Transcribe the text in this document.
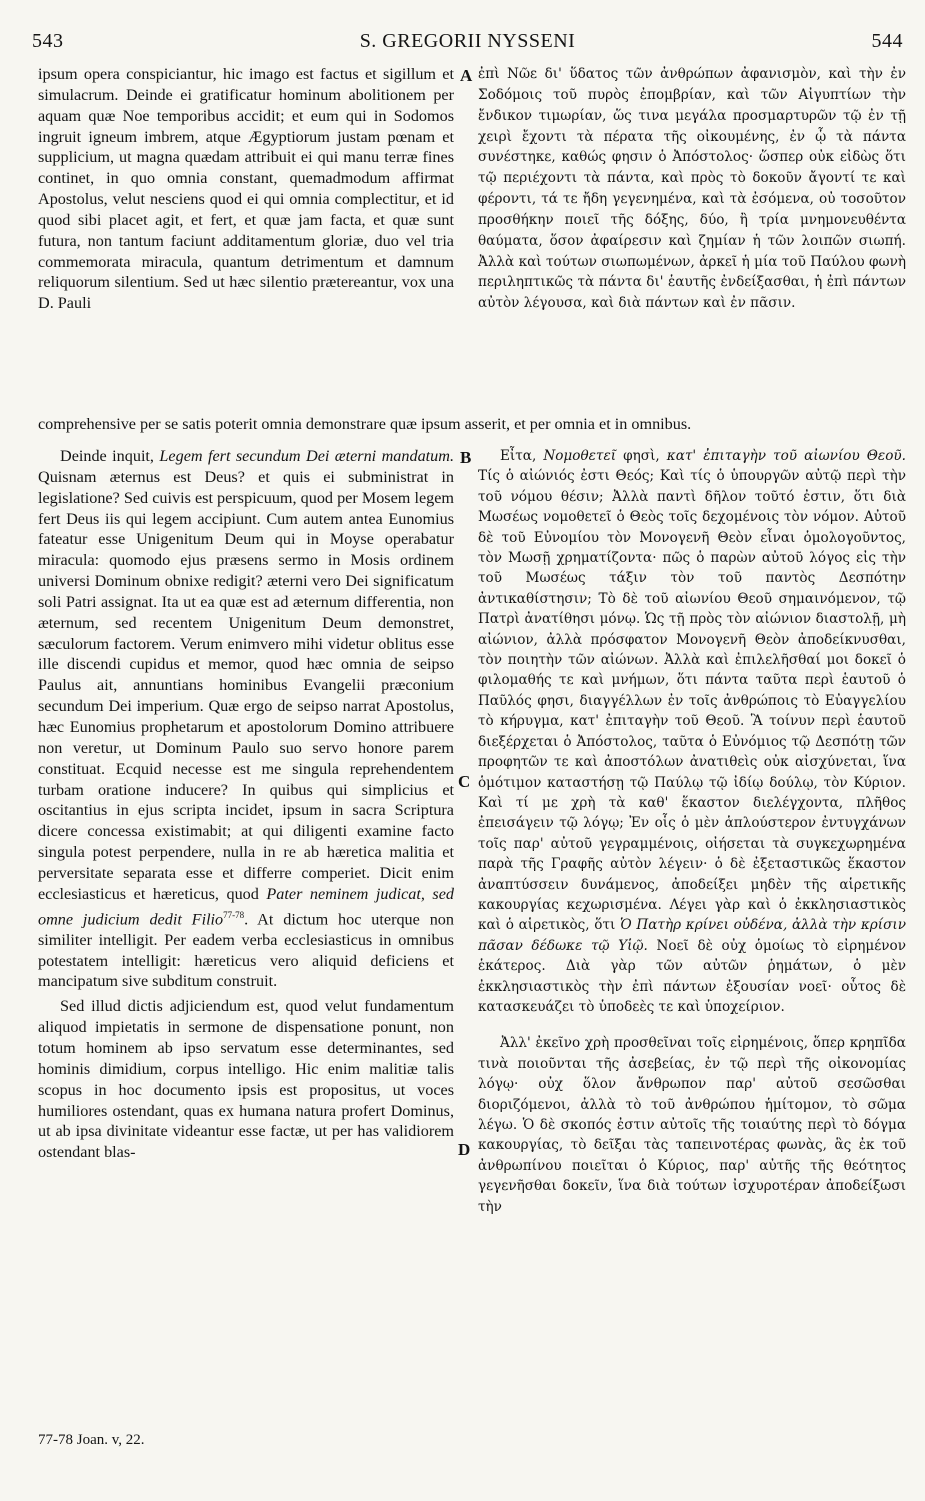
543	S. GREGORII NYSSENI	544

ipsum opera conspiciantur, hic imago est factus et sigillum et simulacrum. Deinde ei gratificatur hominum abolitionem per aquam quæ Noe temporibus accidit; et eum qui in Sodomos ingruit igneum imbrem, atque Ægyptiorum justam pœnam et supplicium, ut magna quædam attribuit ei qui manu terræ fines continet, in quo omnia constant, quemadmodum affirmat Apostolus, velut nesciens quod ei qui omnia complectitur, et id quod sibi placet agit, et fert, et quæ jam facta, et quæ sunt futura, non tantum faciunt additamentum gloriæ, duo vel tria commemorata miracula, quantum detrimentum et damnum reliquorum silentium. Sed ut hæc silentio prætereantur, vox una D. Pauli

ἐπὶ Νῶε δι' ὕδατος τῶν ἀνθρώπων ἀφανισμὸν, καὶ τὴν ἐν Σοδόμοις τοῦ πυρὸς ἐπομβρίαν, καὶ τῶν Αἰγυπτίων τὴν ἔνδικον τιμωρίαν, ὥς τινα μεγάλα προσμαρτυρῶν τῷ ἐν τῇ χειρὶ ἔχοντι τὰ πέρατα τῆς οἰκουμένης, ἐν ᾧ τὰ πάντα συνέστηκε, καθώς φησιν ὁ Ἀπόστολος· ὥσπερ οὐκ εἰδὼς ὅτι τῷ περιέχοντι τὰ πάντα, καὶ πρὸς τὸ δοκοῦν ἄγοντί τε καὶ φέροντι, τά τε ἤδη γεγενημένα, καὶ τὰ ἐσόμενα, οὐ τοσοῦτον προσθήκην ποιεῖ τῆς δόξης, δύο, ἢ τρία μνημονευθέντα θαύματα, ὅσον ἀφαίρεσιν καὶ ζημίαν ἡ τῶν λοιπῶν σιωπή. Ἀλλὰ καὶ τούτων σιωπωμένων, ἀρκεῖ ἡ μία τοῦ Παύλου φωνὴ περιληπτικῶς τὰ πάντα δι' ἑαυτῆς ἐνδείξασθαι, ἡ ἐπὶ πάντων αὐτὸν λέγουσα, καὶ διὰ πάντων καὶ ἐν πᾶσιν.

comprehensive per se satis poterit omnia demonstrare quæ ipsum asserit, et per omnia et in omnibus.

Deinde inquit, Legem fert secundum Dei æterni mandatum. Quisnam æternus est Deus? et quis ei subministrat in legislatione? Sed cuivis est perspicuum, quod per Mosem legem fert Deus iis qui legem accipiunt. Cum autem antea Eunomius fateatur esse Unigenitum Deum qui in Moyse operabatur miracula: quomodo ejus præsens sermo in Mosis ordinem universi Dominum obnixe redigit? æterni vero Dei significatum soli Patri assignat. Ita ut ea quæ est ad æternum differentia, non æternum, sed recentem Unigenitum Deum demonstret, sæculorum factorem. Verum enimvero mihi videtur oblitus esse ille discendi cupidus et memor, quod hæc omnia de seipso Paulus ait, annuntians hominibus Evangelii præconium secundum Dei imperium. Quæ ergo de seipso narrat Apostolus, hæc Eunomius prophetarum et apostolorum Domino attribuere non veretur, ut Dominum Paulo suo servo honore parem constituat. Ecquid necesse est me singula reprehendentem turbam oratione inducere? In quibus qui simplicius et oscitantius in ejus scripta incidet, ipsum in sacra Scriptura dicere concessa existimabit; at qui diligenti examine facto singula potest perpendere, nulla in re ab hæretica malitia et perversitate separata esse et differre comperiet. Dicit enim ecclesiasticus et hæreticus, quod Pater neminem judicat, sed omne judicium dedit Filio$^{77-78}$. At dictum hoc uterque non similiter intelligit. Per eadem verba ecclesiasticus in omnibus potestatem intelligit: hæreticus vero aliquid deficiens et mancipatum sive subditum construit.

Sed illud dictis adjiciendum est, quod velut fundamentum aliquod impietatis in sermone de dispensatione ponunt, non totum hominem ab ipso servatum esse determinantes, sed hominis dimidium, corpus intelligo. Hic enim malitiæ talis scopus in hoc documento ipsis est propositus, ut voces humiliores ostendant, quas ex humana natura profert Dominus, ut ab ipsa divinitate videantur esse factæ, ut per has validiorem ostendant blas-

Εἶτα, Νομοθετεῖ φησὶ, κατ' ἐπιταγὴν τοῦ αἰωνίου Θεοῦ. Τίς ὁ αἰώνιός ἐστι Θεός; Καὶ τίς ὁ ὑπουργῶν αὐτῷ περὶ τὴν τοῦ νόμου θέσιν; Ἀλλὰ παντὶ δῆλον τοῦτό ἐστιν, ὅτι διὰ Μωσέως νομοθετεῖ ὁ Θεὸς τοῖς δεχομένοις τὸν νόμον. Αὐτοῦ δὲ τοῦ Εὐνομίου τὸν Μονογενῆ Θεὸν εἶναι ὁμολογοῦντος, τὸν Μωσῇ χρηματίζοντα· πῶς ὁ παρὼν αὐτοῦ λόγος εἰς τὴν τοῦ Μωσέως τάξιν τὸν τοῦ παντὸς Δεσπότην ἀντικαθίστησιν; Τὸ δὲ τοῦ αἰωνίου Θεοῦ σημαινόμενον, τῷ Πατρὶ ἀνατίθησι μόνῳ. Ὡς τῇ πρὸς τὸν αἰώνιον διαστολῇ, μὴ αἰώνιον, ἀλλὰ πρόσφατον Μονογενῆ Θεὸν ἀποδείκνυσθαι, τὸν ποιητὴν τῶν αἰώνων. Ἀλλὰ καὶ ἐπιλελῆσθαί μοι δοκεῖ ὁ φιλομαθής τε καὶ μνήμων, ὅτι πάντα ταῦτα περὶ ἑαυτοῦ ὁ Παῦλός φησι, διαγγέλλων ἐν τοῖς ἀνθρώποις τὸ Εὐαγγελίου τὸ κήρυγμα, κατ' ἐπιταγὴν τοῦ Θεοῦ. Ἃ τοίνυν περὶ ἑαυτοῦ διεξέρχεται ὁ Ἀπόστολος, ταῦτα ὁ Εὐνόμιος τῷ Δεσπότῃ τῶν προφητῶν τε καὶ ἀποστόλων ἀνατιθεὶς οὐκ αἰσχύνεται, ἵνα ὁμότιμον καταστήσῃ τῷ Παύλῳ τῷ ἰδίῳ δούλῳ, τὸν Κύριον. Καὶ τί με χρὴ τὰ καθ' ἕκαστον διελέγχοντα, πλῆθος ἐπεισάγειν τῷ λόγῳ; Ἐν οἷς ὁ μὲν ἁπλούστερον ἐντυγχάνων τοῖς παρ' αὐτοῦ γεγραμμένοις, οἰήσεται τὰ συγκεχωρημένα παρὰ τῆς Γραφῆς αὐτὸν λέγειν· ὁ δὲ ἐξεταστικῶς ἕκαστον ἀναπτύσσειν δυνάμενος, ἀποδείξει μηδὲν τῆς αἱρετικῆς κακουργίας κεχωρισμένα. Λέγει γὰρ καὶ ὁ ἐκκλησιαστικὸς καὶ ὁ αἱρετικὸς, ὅτι Ὁ Πατὴρ κρίνει οὐδένα, ἀλλὰ τὴν κρίσιν πᾶσαν δέδωκε τῷ Υἱῷ. Νοεῖ δὲ οὐχ ὁμοίως τὸ εἰρημένον ἑκάτερος. Διὰ γὰρ τῶν αὐτῶν ῥημάτων, ὁ μὲν ἐκκλησιαστικὸς τὴν ἐπὶ πάντων ἐξουσίαν νοεῖ· οὗτος δὲ κατασκευάζει τὸ ὑποδεὲς τε καὶ ὑποχείριον.

Ἀλλ' ἐκεῖνο χρὴ προσθεῖναι τοῖς εἰρημένοις, ὅπερ κρηπῖδα τινὰ ποιοῦνται τῆς ἀσεβείας, ἐν τῷ περὶ τῆς οἰκονομίας λόγῳ· οὐχ ὅλον ἄνθρωπον παρ' αὐτοῦ σεσῶσθαι διοριζόμενοι, ἀλλὰ τὸ τοῦ ἀνθρώπου ἡμίτομον, τὸ σῶμα λέγω. Ὁ δὲ σκοπός ἐστιν αὐτοῖς τῆς τοιαύτης περὶ τὸ δόγμα κακουργίας, τὸ δεῖξαι τὰς ταπεινοτέρας φωνὰς, ἃς ἐκ τοῦ ἀνθρωπίνου ποιεῖται ὁ Κύριος, παρ' αὐτῆς τῆς θεότητος γεγενῆσθαι δοκεῖν, ἵνα διὰ τούτων ἰσχυροτέραν ἀποδείξωσι τὴν

A
B
C
D
77-78 Joan. v, 22.
